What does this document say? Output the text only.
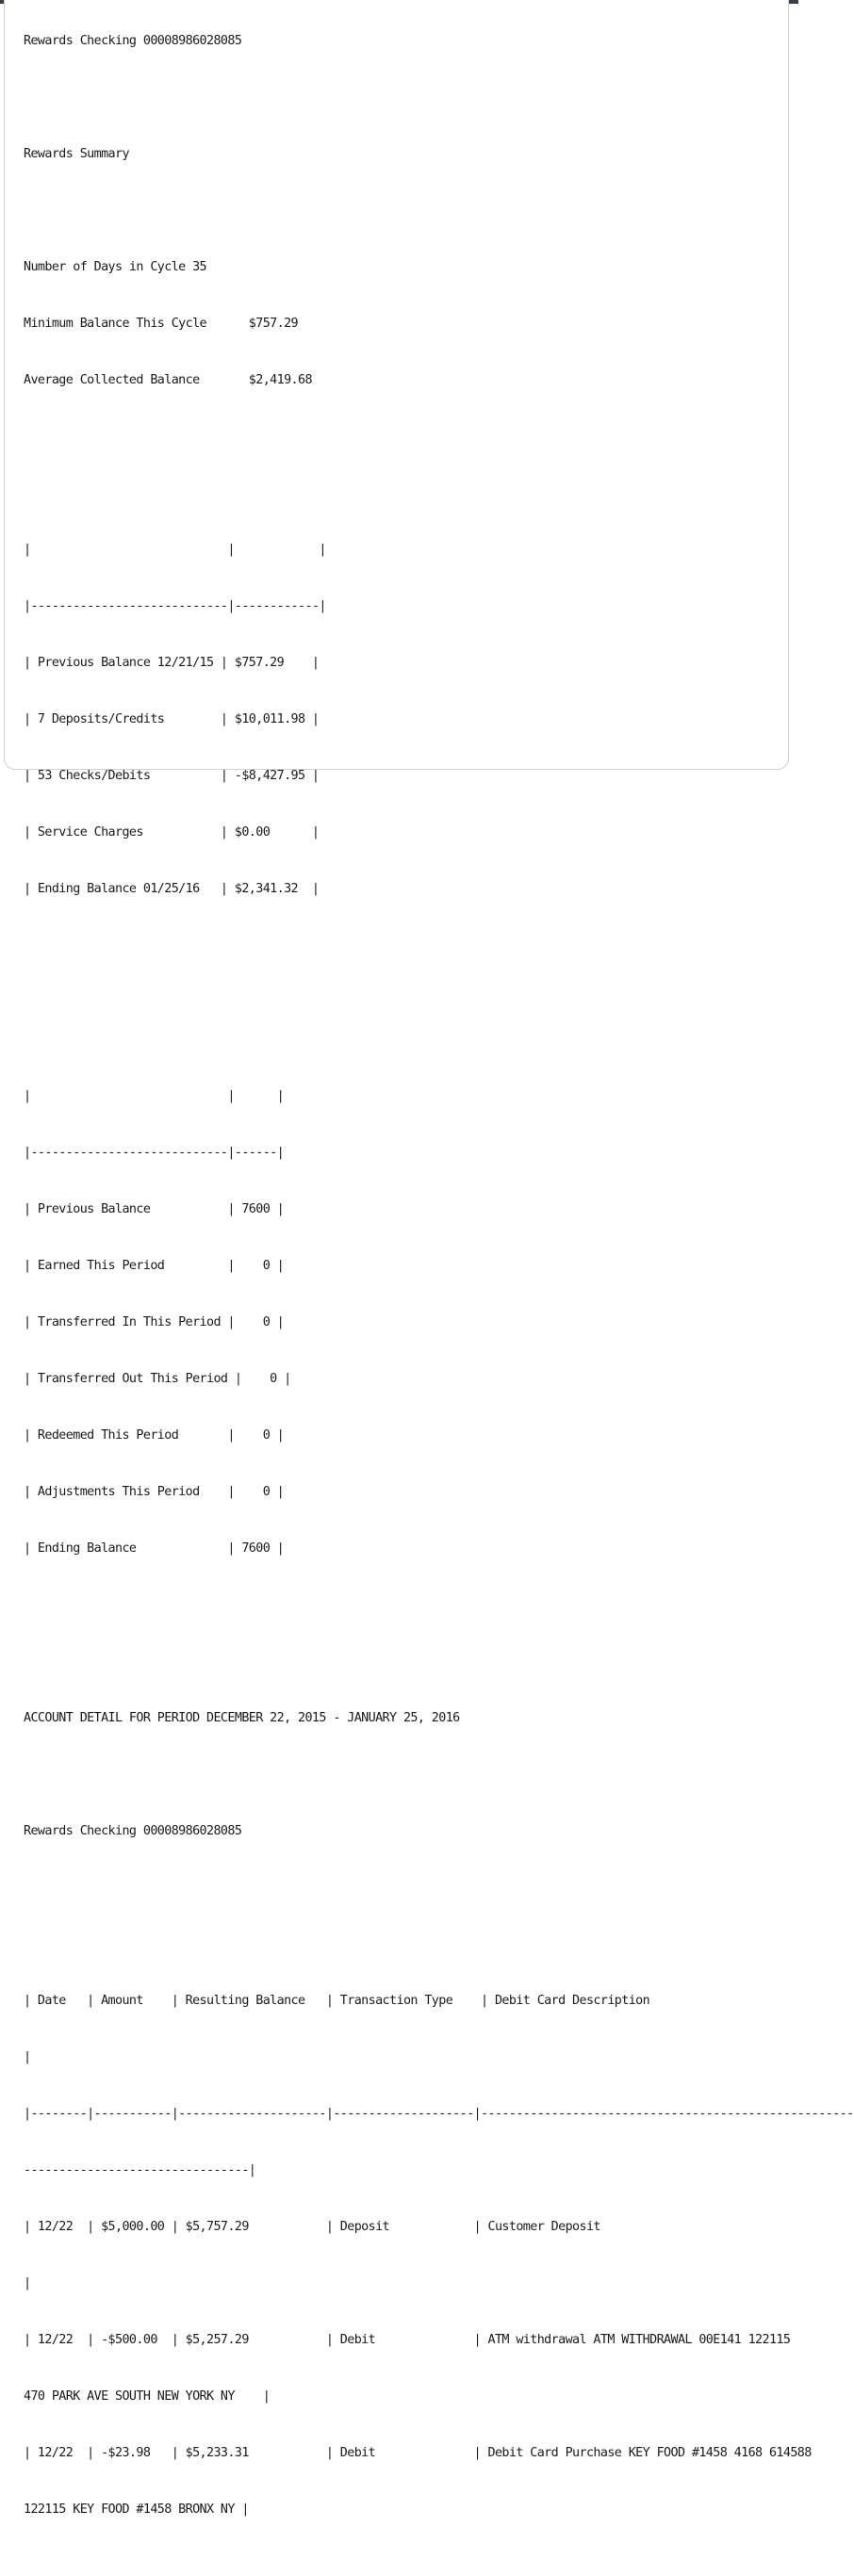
Rewards Checking 00008986028085

Rewards Summary

Number of Days in Cycle 35

Minimum Balance This Cycle      $757.29

Average Collected Balance       $2,419.68

|                            |            |

|----------------------------|------------|

| Previous Balance 12/21/15 | $757.29    |

| 7 Deposits/Credits        | $10,011.98 |

| 53 Checks/Debits          | -$8,427.95 |

| Service Charges           | $0.00      |

| Ending Balance 01/25/16   | $2,341.32  |

|                            |      |

|----------------------------|------|

| Previous Balance           | 7600 |

| Earned This Period         |    0 |

| Transferred In This Period |    0 |

| Transferred Out This Period |    0 |

| Redeemed This Period       |    0 |

| Adjustments This Period    |    0 |

| Ending Balance             | 7600 |

ACCOUNT DETAIL FOR PERIOD DECEMBER 22, 2015 - JANUARY 25, 2016

Rewards Checking 00008986028085

| Date   | Amount    | Resulting Balance   | Transaction Type    | Debit Card Description

|

|--------|-----------|---------------------|--------------------|-----------------------------------------------------

--------------------------------|

| 12/22  | $5,000.00 | $5,757.29           | Deposit            | Customer Deposit

|

| 12/22  | -$500.00  | $5,257.29           | Debit              | ATM withdrawal ATM WITHDRAWAL 00E141 122115

470 PARK AVE SOUTH NEW YORK NY    |

| 12/22  | -$23.98   | $5,233.31           | Debit              | Debit Card Purchase KEY FOOD #1458 4168 614588

122115 KEY FOOD #1458 BRONX NY |
